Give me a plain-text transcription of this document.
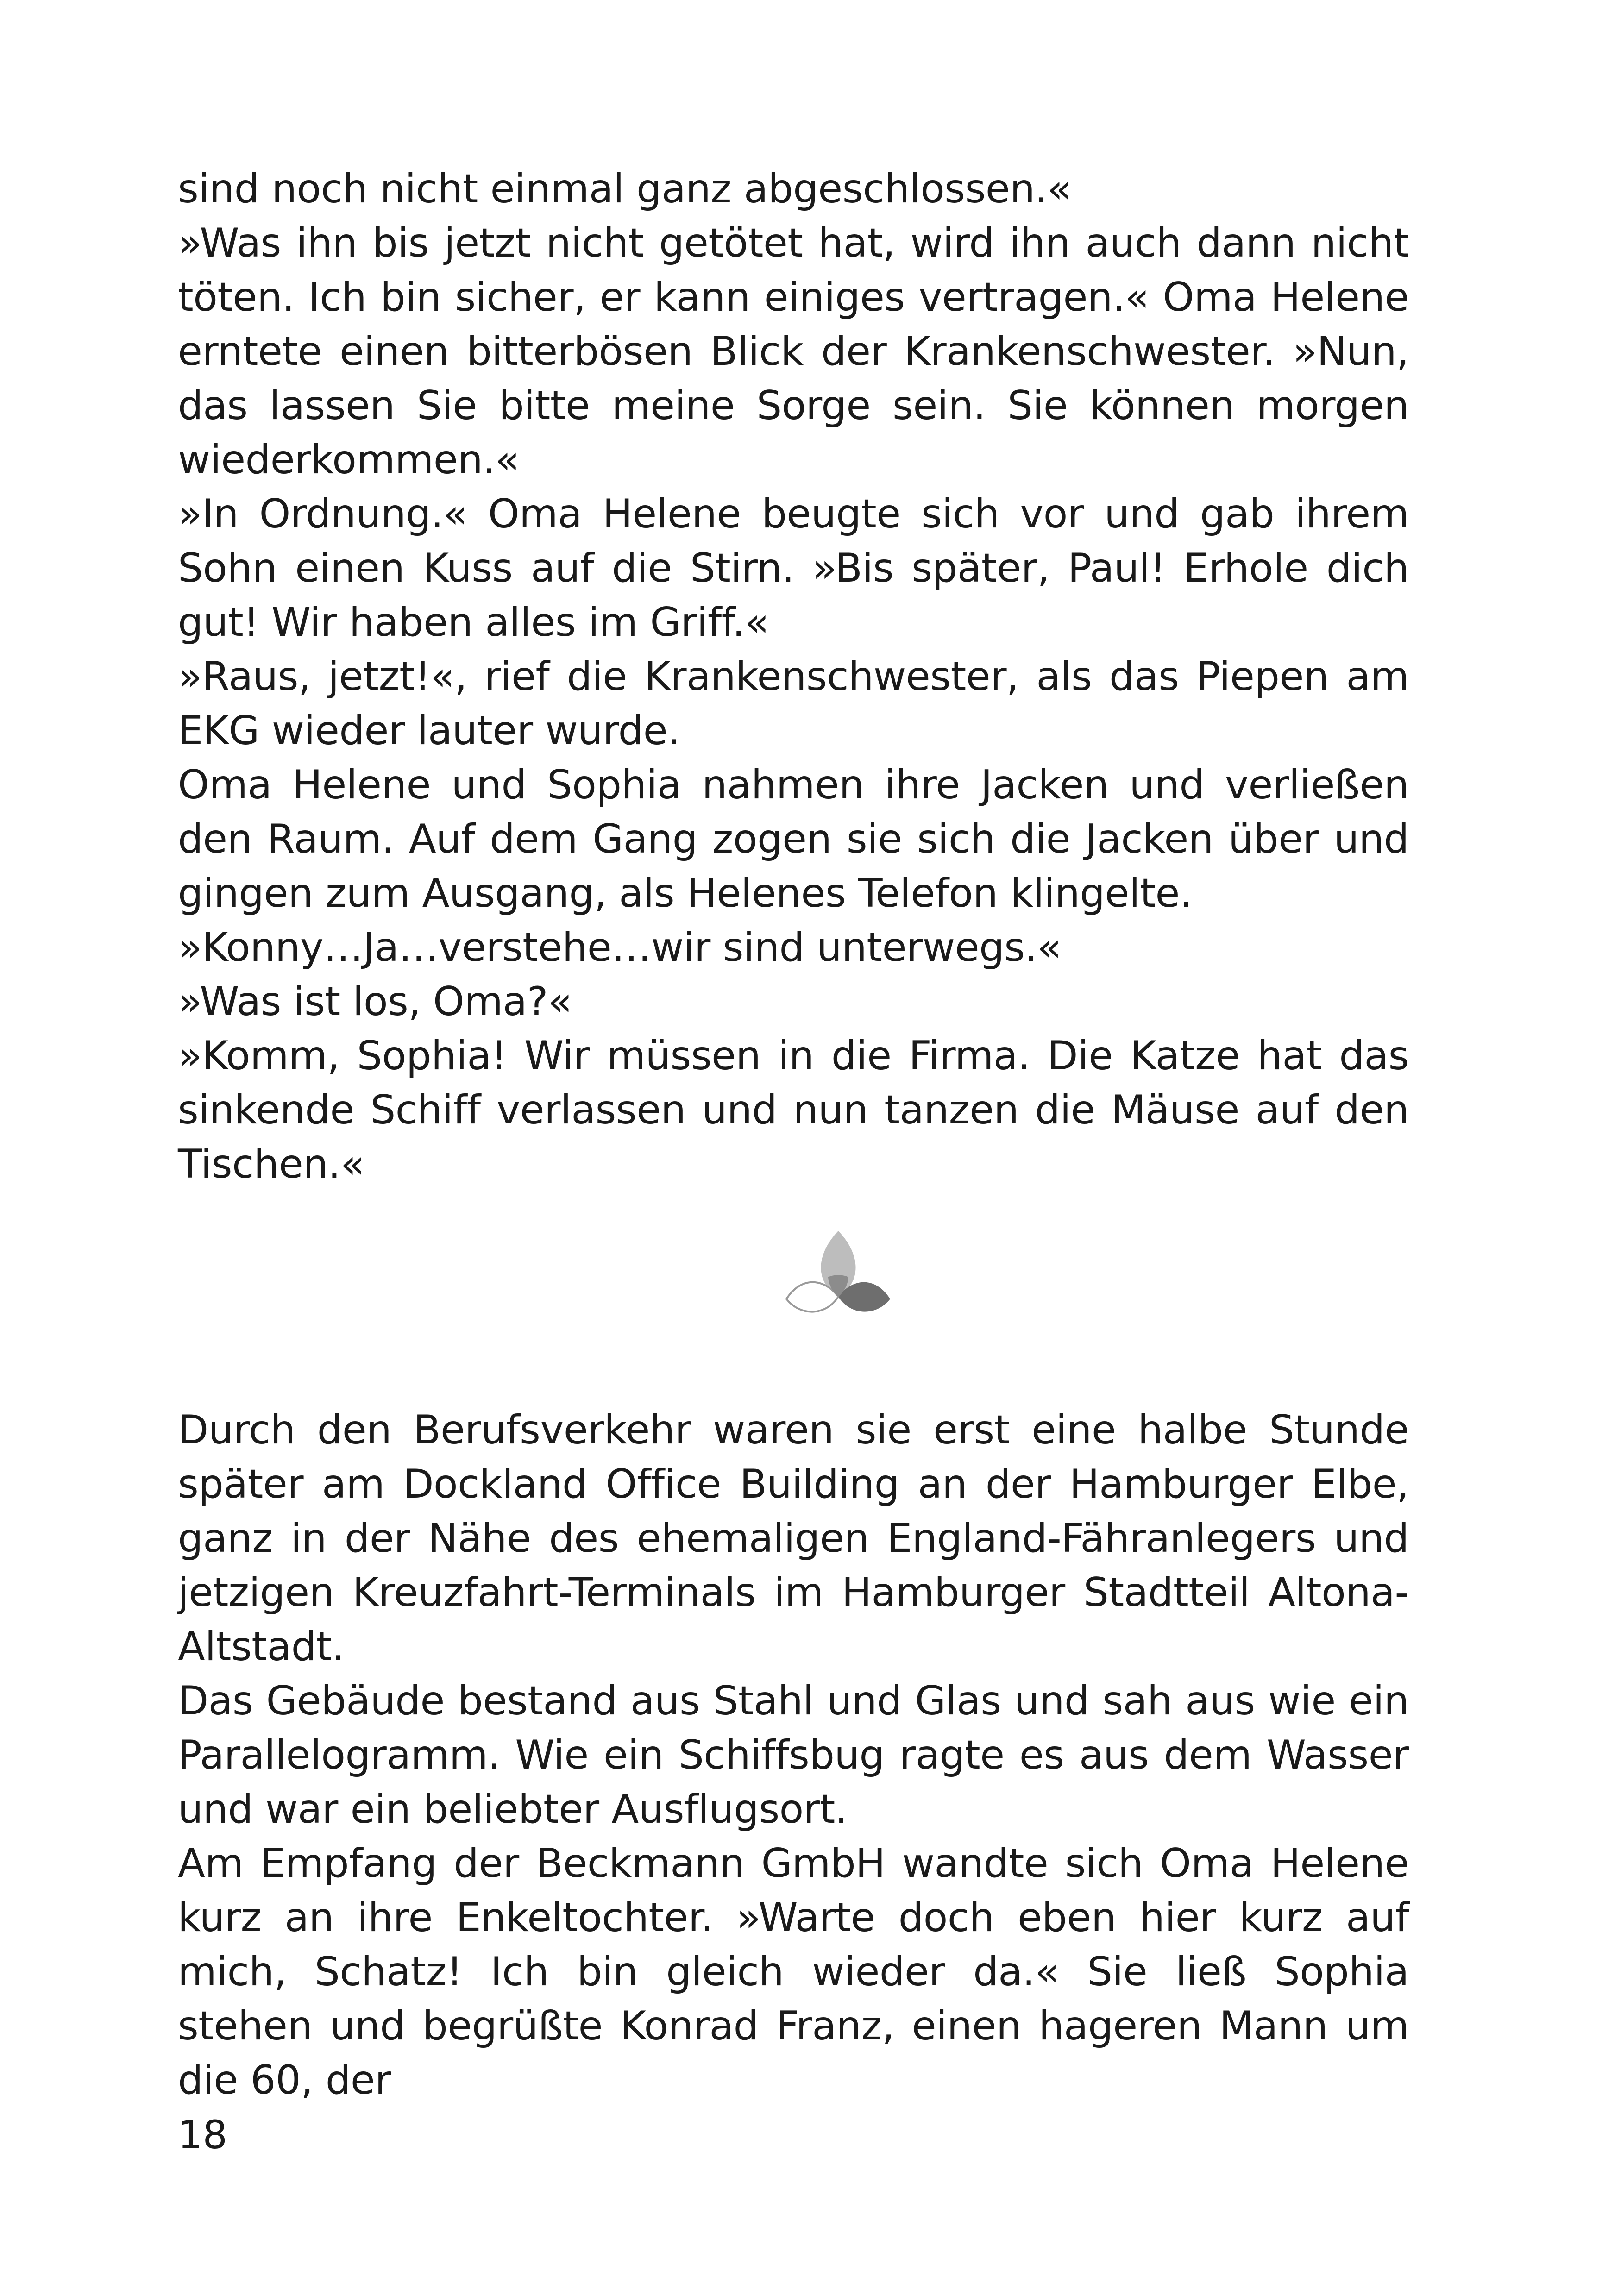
sind noch nicht einmal ganz abgeschlossen.«

»Was ihn bis jetzt nicht getötet hat, wird ihn auch dann nicht töten. Ich bin sicher, er kann einiges vertragen.« Oma Helene erntete einen bitterbösen Blick der Krankenschwester. »Nun, das lassen Sie bitte meine Sorge sein. Sie können morgen wiederkommen.«

»In Ordnung.« Oma Helene beugte sich vor und gab ihrem Sohn einen Kuss auf die Stirn. »Bis später, Paul! Erhole dich gut! Wir haben alles im Griff.«

»Raus, jetzt!«, rief die Krankenschwester, als das Piepen am EKG wieder lauter wurde.

Oma Helene und Sophia nahmen ihre Jacken und verließen den Raum. Auf dem Gang zogen sie sich die Jacken über und gingen zum Ausgang, als Helenes Telefon klingelte.

»Konny…Ja…verstehe…wir sind unterwegs.«

»Was ist los, Oma?«

»Komm, Sophia! Wir müssen in die Firma. Die Katze hat das sinkende Schiff verlassen und nun tanzen die Mäuse auf den Tischen.«

Durch den Berufsverkehr waren sie erst eine halbe Stunde später am Dockland Office Building an der Hamburger Elbe, ganz in der Nähe des ehemaligen England-Fähranlegers und jetzigen Kreuzfahrt-Terminals im Hamburger Stadtteil Altona-Altstadt.

Das Gebäude bestand aus Stahl und Glas und sah aus wie ein Parallelogramm. Wie ein Schiffsbug ragte es aus dem Wasser und war ein beliebter Ausflugsort.

Am Empfang der Beckmann GmbH wandte sich Oma Helene kurz an ihre Enkeltochter. »Warte doch eben hier kurz auf mich, Schatz! Ich bin gleich wieder da.« Sie ließ Sophia stehen und begrüßte Konrad Franz, einen hageren Mann um die 60, der

18
